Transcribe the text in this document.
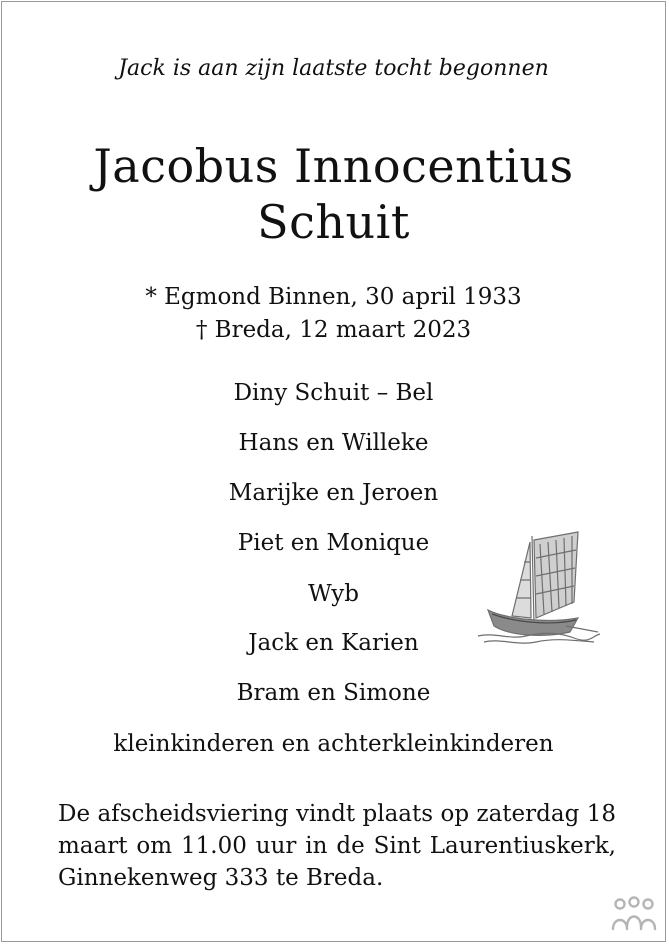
Jack is aan zijn laatste tocht begonnen
Jacobus Innocentius
Schuit
* Egmond Binnen, 30 april 1933
† Breda, 12 maart 2023
Diny Schuit – Bel
Hans en Willeke
Marijke en Jeroen
Piet en Monique
Wyb
Jack en Karien
Bram en Simone
kleinkinderen en achterkleinkinderen
De afscheidsviering vindt plaats op zaterdag 18 maart om 11.00 uur in de Sint Laurentiuskerk, Ginnekenweg 333 te Breda.
